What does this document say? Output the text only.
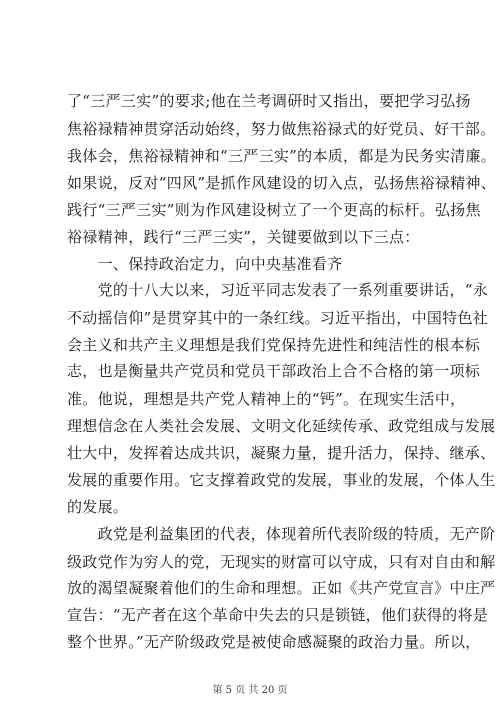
了“三严三实”的要求;他在兰考调研时又指出，要把学习弘扬
焦裕禄精神贯穿活动始终，努力做焦裕禄式的好党员、好干部。
我体会，焦裕禄精神和“三严三实”的本质，都是为民务实清廉。
如果说，反对“四风”是抓作风建设的切入点，弘扬焦裕禄精神、
践行“三严三实”则为作风建设树立了一个更高的标杆。弘扬焦
裕禄精神，践行“三严三实”，关键要做到以下三点：
　　一、保持政治定力，向中央基准看齐
　　党的十八大以来，习近平同志发表了一系列重要讲话，“永
不动摇信仰”是贯穿其中的一条红线。习近平指出，中国特色社
会主义和共产主义理想是我们党保持先进性和纯洁性的根本标
志，也是衡量共产党员和党员干部政治上合不合格的第一项标
准。他说，理想是共产党人精神上的“钙”。在现实生活中，
理想信念在人类社会发展、文明文化延续传承、政党组成与发展
壮大中，发挥着达成共识，凝聚力量，提升活力，保持、继承、
发展的重要作用。它支撑着政党的发展，事业的发展，个体人生
的发展。
　　政党是利益集团的代表，体现着所代表阶级的特质，无产阶
级政党作为穷人的党，无现实的财富可以守成，只有对自由和解
放的渴望凝聚着他们的生命和理想。正如《共产党宣言》中庄严
宣告：“无产者在这个革命中失去的只是锁链，他们获得的将是
整个世界。”无产阶级政党是被使命感凝聚的政治力量。所以，
第 5 页 共 20 页
